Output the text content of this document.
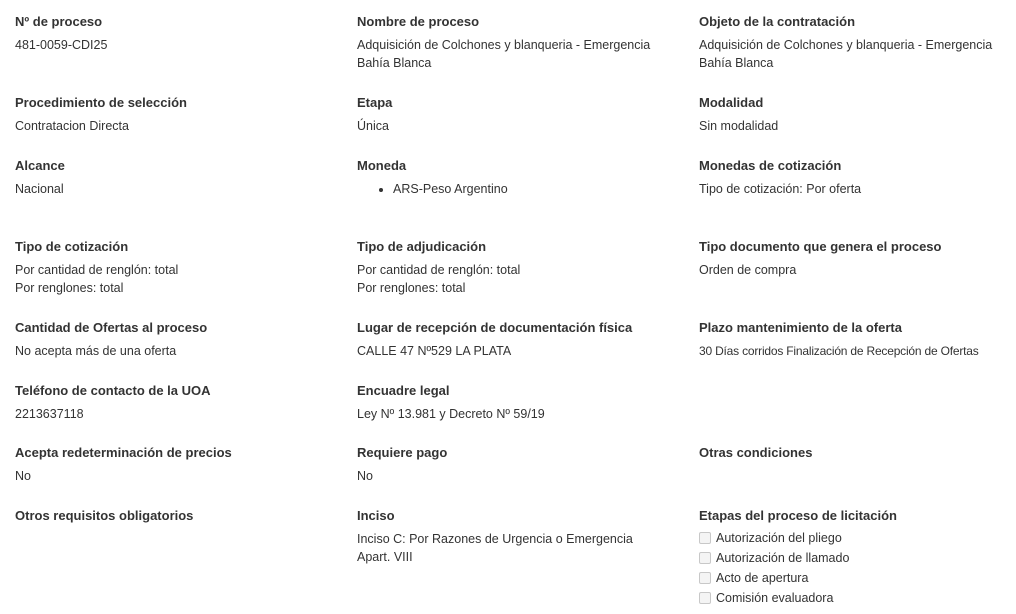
Nº de proceso
481-0059-CDI25
Nombre de proceso
Adquisición de Colchones y blanqueria - Emergencia
Bahía Blanca
Objeto de la contratación
Adquisición de Colchones y blanqueria - Emergencia
Bahía Blanca
Procedimiento de selección
Contratacion Directa
Etapa
Única
Modalidad
Sin modalidad
Alcance
Nacional
Moneda
• ARS-Peso Argentino
Monedas de cotización
Tipo de cotización: Por oferta
Tipo de cotización
Por cantidad de renglón: total
Por renglones: total
Tipo de adjudicación
Por cantidad de renglón: total
Por renglones: total
Tipo documento que genera el proceso
Orden de compra
Cantidad de Ofertas al proceso
No acepta más de una oferta
Lugar de recepción de documentación física
CALLE 47 Nº529 LA PLATA
Plazo mantenimiento de la oferta
30 Días corridos Finalización de Recepción de Ofertas
Teléfono de contacto de la UOA
2213637118
Encuadre legal
Ley Nº 13.981 y Decreto Nº 59/19
Acepta redeterminación de precios
No
Requiere pago
No
Otras condiciones
Otros requisitos obligatorios	Inciso
Inciso C: Por Razones de Urgencia o Emergencia
Apart. VIII
Etapas del proceso de licitación
Autorización del pliego
Autorización de llamado
Acto de apertura
Comisión evaluadora
